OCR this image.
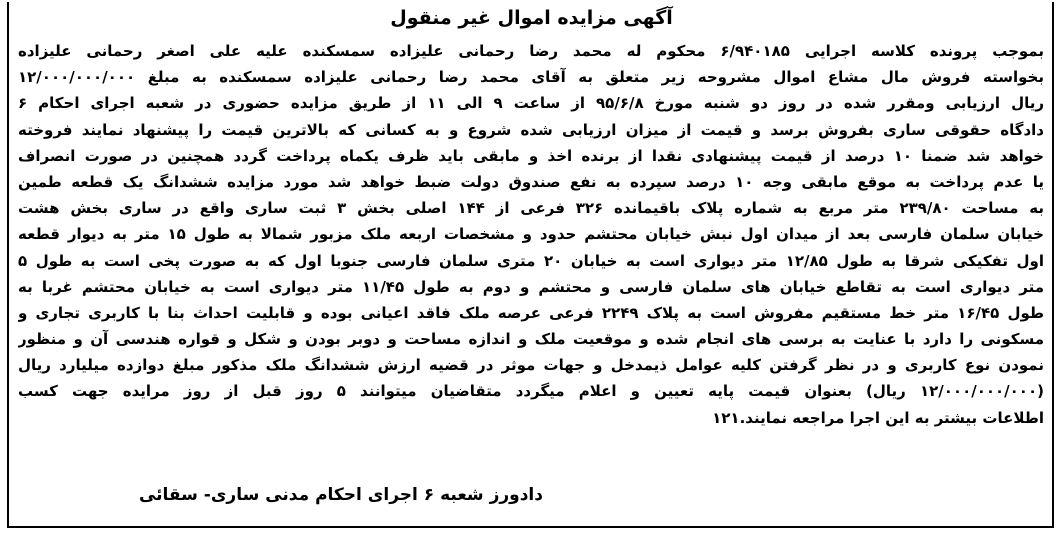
آگهی مزایده اموال غیر منقول
بموجب پرونده کلاسه اجرایی ۶/۹۴۰۱۸۵ محکوم له محمد رضا رحمانی علیزاده سمسکنده علیه علی اصغر رحمانی علیزاده
بخواسته فروش مال مشاع اموال مشروحه زیر متعلق به آقای محمد رضا رحمانی علیزاده سمسکنده به مبلغ ۱۲/۰۰۰/۰۰۰/۰۰۰
ریال ارزیابی ومقرر شده در روز دو شنبه مورخ ۹۵/۶/۸ از ساعت ۹ الی ۱۱ از طریق مزایده حضوری در شعبه اجرای احکام ۶
دادگاه حقوقی ساری بفروش برسد و قیمت از میزان ارزیابی شده شروع و به کسانی که بالاترین قیمت را پیشنهاد نمایند فروخته
خواهد شد ضمنا ۱۰ درصد از قیمت پیشنهادی نقدا از برنده اخذ و مابقی باید ظرف یکماه پرداخت گردد همچنین در صورت انصراف
یا عدم پرداخت به موقع مابقی وجه ۱۰ درصد سپرده به نفع صندوق دولت ضبط خواهد شد مورد مزایده ششدانگ یک قطعه طمین
به مساحت ۲۳۹/۸۰ متر مربع به شماره پلاک باقیمانده ۳۲۶ فرعی از ۱۴۴ اصلی بخش ۳ ثبت ساری واقع در ساری بخش هشت
خیابان سلمان فارسی بعد از میدان اول نبش خیابان محتشم حدود و مشخصات اربعه ملک مزبور شمالا به طول ۱۵ متر به دیوار قطعه
اول تفکیکی شرقا به طول ۱۲/۸۵ متر دیواری است به خیابان ۲۰ متری سلمان فارسی جنوبا اول که به صورت پخی است به طول ۵
متر دیواری است به تقاطع خیابان های سلمان فارسی و محتشم و دوم به طول ۱۱/۴۵ متر دیواری است به خیابان محتشم غربا به
طول ۱۶/۴۵ متر خط مستقیم مفروش است به پلاک ۲۲۴۹ فرعی عرصه ملک فاقد اعیانی بوده و قابلیت احداث بنا با کاربری تجاری و
مسکونی را دارد با عنایت به برسی های انجام شده و موقعیت ملک و اندازه مساحت و دوبر بودن و شکل و قواره هندسی آن و منظور
نمودن نوع کاربری و در نظر گرفتن کلیه عوامل ذیمدخل و جهات موثر در قضیه ارزش ششدانگ ملک مذکور مبلغ دوازده میلیارد ریال
(۱۲/۰۰۰/۰۰۰/۰۰۰ ریال) بعنوان قیمت پایه تعیین و اعلام میگردد متقاضیان میتوانند ۵ روز قبل از روز مرایده جهت کسب
اطلاعات بیشتر به این اجرا مراجعه نمایند.۱۲۱

دادورز شعبه ۶ اجرای احکام مدنی ساری- سقائی
